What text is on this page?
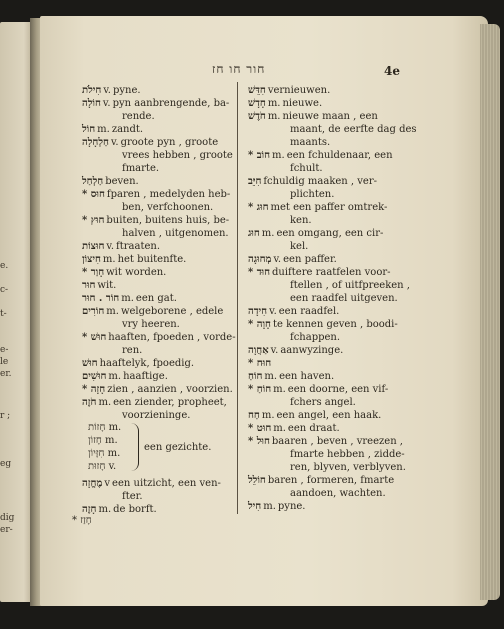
e.
c-
t-
e-
le
er.
r ;
eg
dig
er-
חור חו חז	4e
חִילֹת v. pyne.
חוֹלָה v. pyn aanbrengende, ba-
rende.
חוֹל m. zandt.
חַלְחָלָה v. groote pyn , groote
vrees hebben , groote
fmarte.
חַלְחַל beven.
* חוּס fparen , medelyden heb-
ben, verfchoonen.
* חוּץ buiten, buitens huis, be-
halven , uitgenomen.
חוּצוֹת v. ftraaten.
חִיצוֹן m. het buitenfte.
* חָוַר wit worden.
חוּר wit.
חוֹר . חוּר m. een gat.
חוֹרִים m. welgeborene , edele
vry heeren.
* חוּשׁ haaften, fpoeden , vorde-
ren.
חוּשׁ haaftelyk, fpoedig.
חוּשִׁים m. haaftige.
* חָזָה zien , aanzien , voorzien.
חֹזֶה m. een ziender, propheet,
voorzieninge.
חָזוֹת m.
חָזוֹן m.
חִזָּיוֹן m.
חָזוּת v.
een gezichte.
מֶחֱזָה v een uitzicht, een ven-
fter.
חָזֶה m. de borft.
* חָזַז
חִדֵּשׁ vernieuwen.
חָדָשׁ m. nieuwe.
חֹדֶשׁ m. nieuwe maan , een
maant, de eerfte dag des
maants.
* חוֹב m. een fchuldenaar, een
fchult.
חִיֵּב fchuldig maaken , ver-
plichten.
* חוּג met een paffer omtrek-
ken.
חוּג m. een omgang, een cir-
kel.
מְחוּגָה v. een paffer.
* חוּד duiftere raatfelen voor-
ftellen , of uitfpreeken ,
een raadfel uitgeven.
חִידָה v. een raadfel.
* חָוָה te kennen geven , boodi-
fchappen.
אַחֲוָה v. aanwyzinge.
* חוּח
חוֹחַ m. een haven.
* חוֹחַ m. een doorne, een vif-
fchers angel.
חַח m. een angel, een haak.
* חוּט m. een draat.
* חוּל baaren , beven , vreezen ,
fmarte hebben , zidde-
ren, blyven, verblyven.
חוֹלֵל baren , formeren, fmarte
aandoen, wachten.
חִיל m. pyne.
